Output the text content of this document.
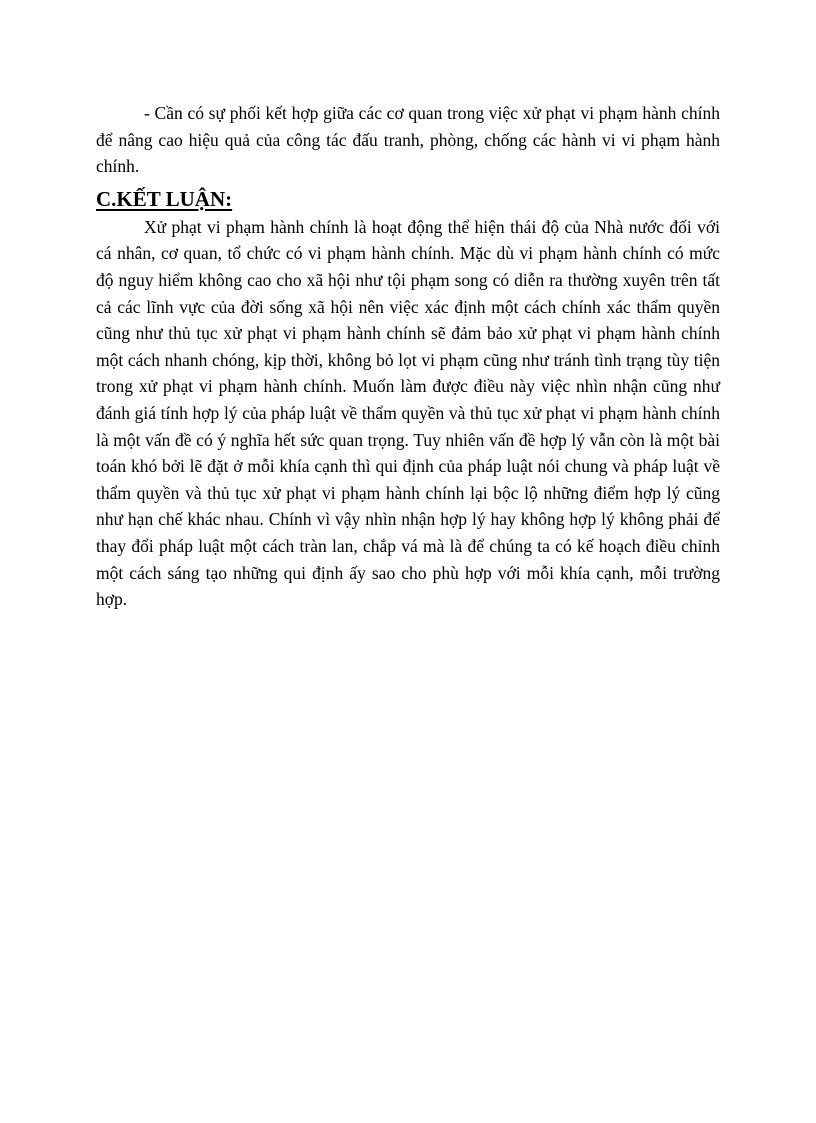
- Cần có sự phối kết hợp giữa các cơ quan trong việc xử phạt vi phạm hành chính để nâng cao hiệu quả của công tác đấu tranh, phòng, chống các hành vi vi phạm hành chính.

C.KẾT LUẬN:

Xử phạt vi phạm hành chính là hoạt động thể hiện thái độ của Nhà nước đối với cá nhân, cơ quan, tổ chức có vi phạm hành chính. Mặc dù vi phạm hành chính có mức độ nguy hiểm không cao cho xã hội như tội phạm song có diễn ra thường xuyên trên tất cả các lĩnh vực của đời sống xã hội nên việc xác định một cách chính xác thẩm quyền cũng như thủ tục xử phạt vi phạm hành chính sẽ đảm bảo xử phạt vi phạm hành chính một cách nhanh chóng, kịp thời, không bỏ lọt vi phạm cũng như tránh tình trạng tùy tiện trong xử phạt vi phạm hành chính. Muốn làm được điều này việc nhìn nhận cũng như đánh giá tính hợp lý của pháp luật về thẩm quyền và thủ tục xử phạt vi phạm hành chính là một vấn đề có ý nghĩa hết sức quan trọng. Tuy nhiên vấn đề hợp lý vẫn còn là một bài toán khó bởi lẽ đặt ở mỗi khía cạnh thì qui định của pháp luật nói chung và pháp luật về thẩm quyền và thủ tục xử phạt vi phạm hành chính lại bộc lộ những điểm hợp lý cũng như hạn chế khác nhau. Chính vì vậy nhìn nhận hợp lý hay không hợp lý không phải để thay đổi pháp luật một cách tràn lan, chắp vá mà là để chúng ta có kế hoạch điều chỉnh một cách sáng tạo những qui định ấy sao cho phù hợp với mỗi khía cạnh, mỗi trường hợp.
